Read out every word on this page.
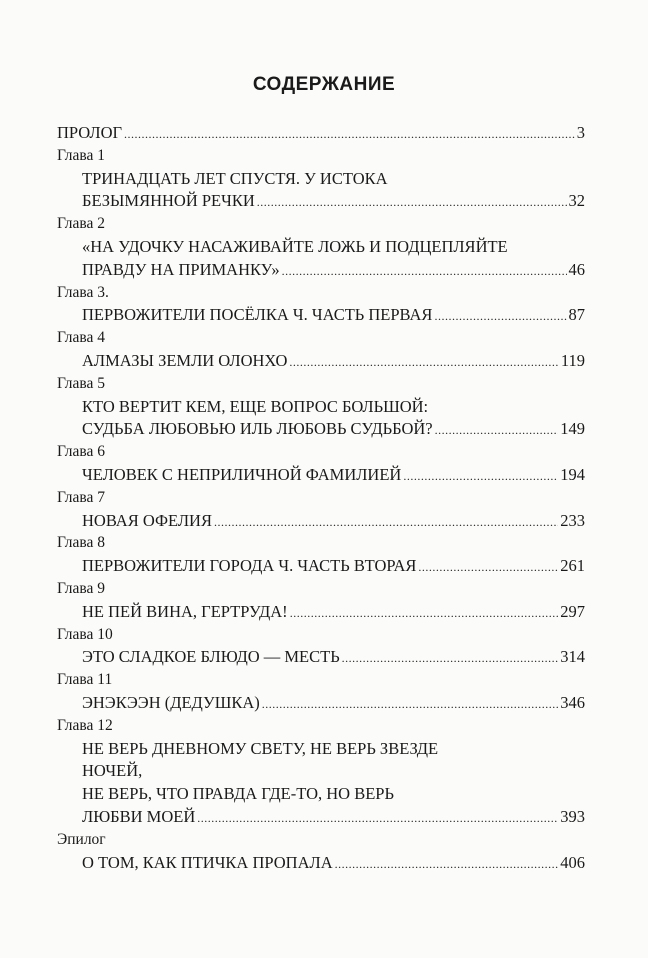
СОДЕРЖАНИЕ
ПРОЛОГ .....	3
Глава 1
ТРИНАДЦАТЬ ЛЕТ СПУСТЯ. У ИСТОКА
БЕЗЫМЯННОЙ РЕЧКИ .....	32
Глава 2
«НА УДОЧКУ НАСАЖИВАЙТЕ ЛОЖЬ И ПОДЦЕПЛЯЙТЕ
ПРАВДУ НА ПРИМАНКУ» .....	46
Глава 3.
ПЕРВОЖИТЕЛИ ПОСЁЛКА Ч. ЧАСТЬ ПЕРВАЯ .....	87
Глава 4
АЛМАЗЫ ЗЕМЛИ ОЛОНХО .....	119
Глава 5
КТО ВЕРТИТ КЕМ, ЕЩЕ ВОПРОС БОЛЬШОЙ:
СУДЬБА ЛЮБОВЬЮ ИЛЬ ЛЮБОВЬ СУДЬБОЙ? .....	149
Глава 6
ЧЕЛОВЕК С НЕПРИЛИЧНОЙ ФАМИЛИЕЙ .....	194
Глава 7
НОВАЯ ОФЕЛИЯ .....	233
Глава 8
ПЕРВОЖИТЕЛИ ГОРОДА Ч. ЧАСТЬ ВТОРАЯ .....	261
Глава 9
НЕ ПЕЙ ВИНА, ГЕРТРУДА! .....	297
Глава 10
ЭТО СЛАДКОЕ БЛЮДО — МЕСТЬ .....	314
Глава 11
ЭНЭКЭЭН (ДЕДУШКА) .....	346
Глава 12
НЕ ВЕРЬ ДНЕВНОМУ СВЕТУ, НЕ ВЕРЬ ЗВЕЗДЕ
НОЧЕЙ,
НЕ ВЕРЬ, ЧТО ПРАВДА ГДЕ-ТО, НО ВЕРЬ
ЛЮБВИ МОЕЙ .....	393
Эпилог
О ТОМ, КАК ПТИЧКА ПРОПАЛА .....	406
